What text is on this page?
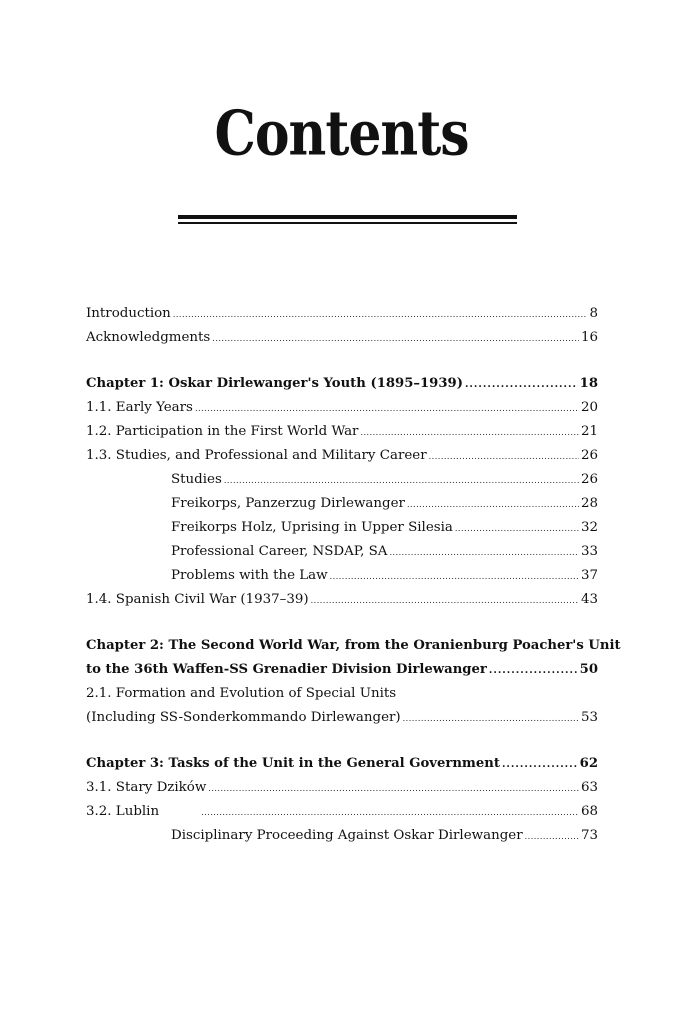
Contents
Introduction .....	8
Acknowledgments .....	16
Chapter 1: Oskar Dirlewanger's Youth (1895–1939) .....	18
1.1. Early Years .....	20
1.2. Participation in the First World War .....	21
1.3. Studies, and Professional and Military Career .....	26
Studies .....	26
Freikorps, Panzerzug Dirlewanger .....	28
Freikorps Holz, Uprising in Upper Silesia .....	32
Professional Career, NSDAP, SA .....	33
Problems with the Law .....	37
1.4. Spanish Civil War (1937–39) .....	43
Chapter 2: The Second World War, from the Oranienburg Poacher's Unit
to the 36th Waffen-SS Grenadier Division Dirlewanger .....	50
2.1. Formation and Evolution of Special Units
(Including SS-Sonderkommando Dirlewanger) .....	53
Chapter 3: Tasks of the Unit in the General Government .....	62
3.1. Stary Dzików .....	63
3.2. Lublin .....	68
Disciplinary Proceeding Against Oskar Dirlewanger .....	73
